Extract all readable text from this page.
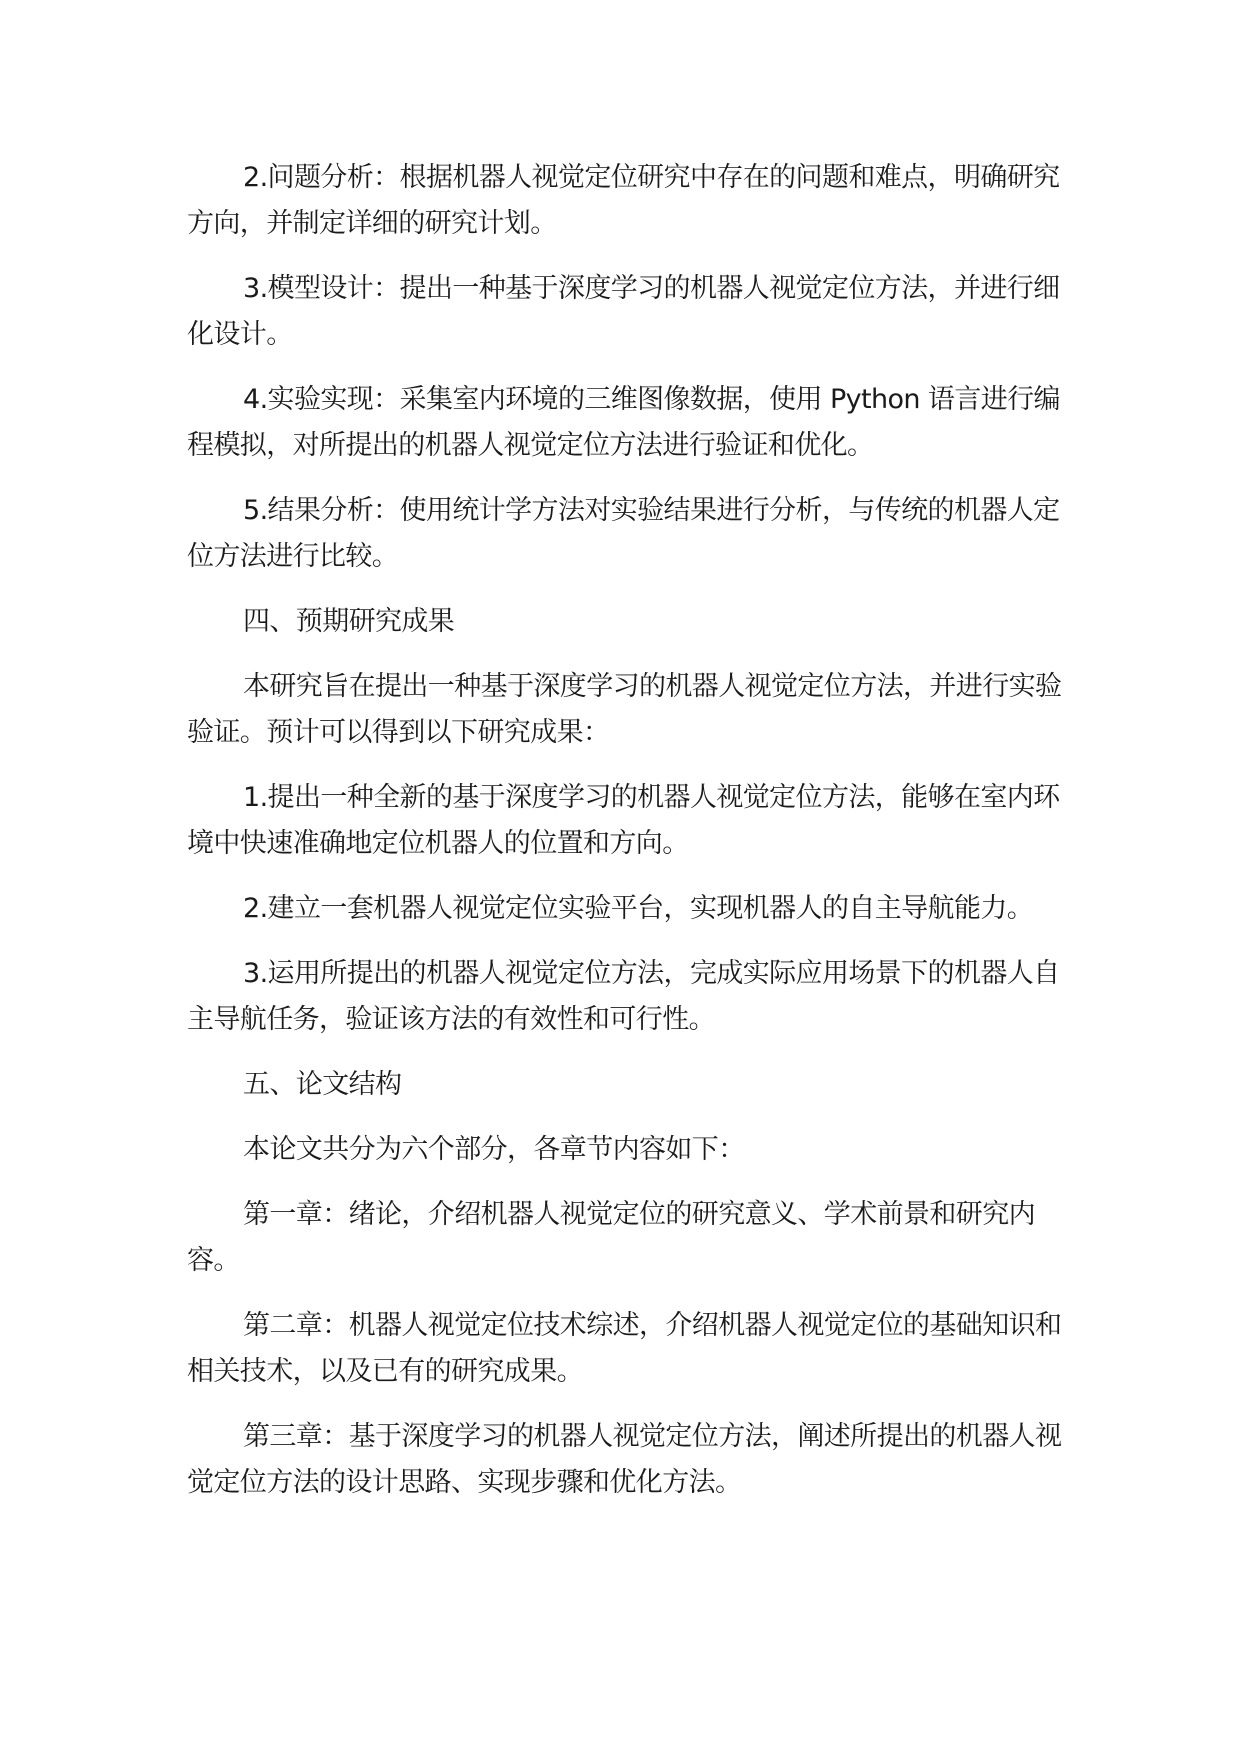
2.问题分析：根据机器人视觉定位研究中存在的问题和难点，明确研究方向，并制定详细的研究计划。

3.模型设计：提出一种基于深度学习的机器人视觉定位方法，并进行细化设计。

4.实验实现：采集室内环境的三维图像数据，使用 Python 语言进行编程模拟，对所提出的机器人视觉定位方法进行验证和优化。

5.结果分析：使用统计学方法对实验结果进行分析，与传统的机器人定位方法进行比较。

四、预期研究成果

本研究旨在提出一种基于深度学习的机器人视觉定位方法，并进行实验验证。预计可以得到以下研究成果：

1.提出一种全新的基于深度学习的机器人视觉定位方法，能够在室内环境中快速准确地定位机器人的位置和方向。

2.建立一套机器人视觉定位实验平台，实现机器人的自主导航能力。

3.运用所提出的机器人视觉定位方法，完成实际应用场景下的机器人自主导航任务，验证该方法的有效性和可行性。

五、论文结构

本论文共分为六个部分，各章节内容如下：

第一章：绪论，介绍机器人视觉定位的研究意义、学术前景和研究内容。

第二章：机器人视觉定位技术综述，介绍机器人视觉定位的基础知识和相关技术，以及已有的研究成果。

第三章：基于深度学习的机器人视觉定位方法，阐述所提出的机器人视觉定位方法的设计思路、实现步骤和优化方法。
